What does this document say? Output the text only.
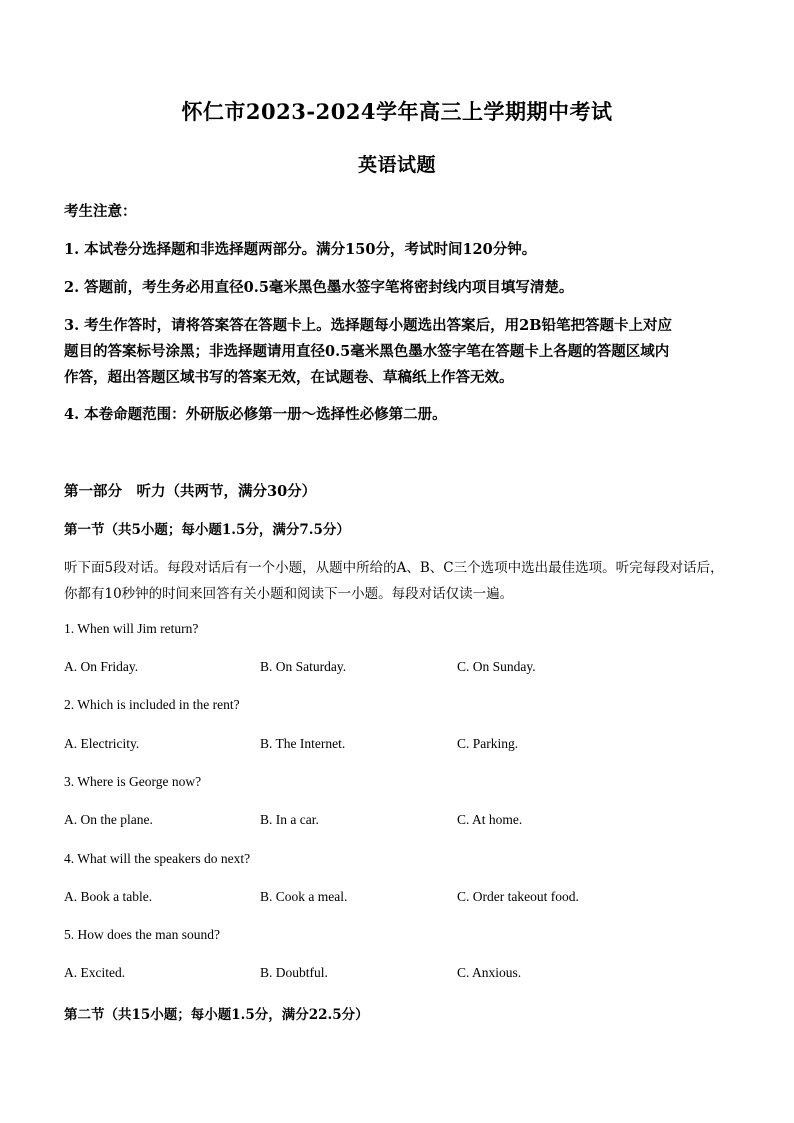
怀仁市2023-2024学年高三上学期期中考试
英语试题
考生注意：
1. 本试卷分选择题和非选择题两部分。满分150分，考试时间120分钟。
2. 答题前，考生务必用直径0.5毫米黑色墨水签字笔将密封线内项目填写清楚。
3. 考生作答时，请将答案答在答题卡上。选择题每小题选出答案后，用2B铅笔把答题卡上对应
题目的答案标号涂黑；非选择题请用直径0.5毫米黑色墨水签字笔在答题卡上各题的答题区域内
作答，超出答题区域书写的答案无效，在试题卷、草稿纸上作答无效。
4. 本卷命题范围：外研版必修第一册～选择性必修第二册。
第一部分　听力（共两节，满分30分）
第一节（共5小题；每小题1.5分，满分7.5分）
听下面5段对话。每段对话后有一个小题，从题中所给的A、B、C三个选项中选出最佳选项。听完每段对话后，
你都有10秒钟的时间来回答有关小题和阅读下一小题。每段对话仅读一遍。
1. When will Jim return?
A. On Friday.	B. On Saturday.	C. On Sunday.
2. Which is included in the rent?
A. Electricity.	B. The Internet.	C. Parking.
3. Where is George now?
A. On the plane.	B. In a car.	C. At home.
4. What will the speakers do next?
A. Book a table.	B. Cook a meal.	C. Order takeout food.
5. How does the man sound?
A. Excited.	B. Doubtful.	C. Anxious.
第二节（共15小题；每小题1.5分，满分22.5分）
